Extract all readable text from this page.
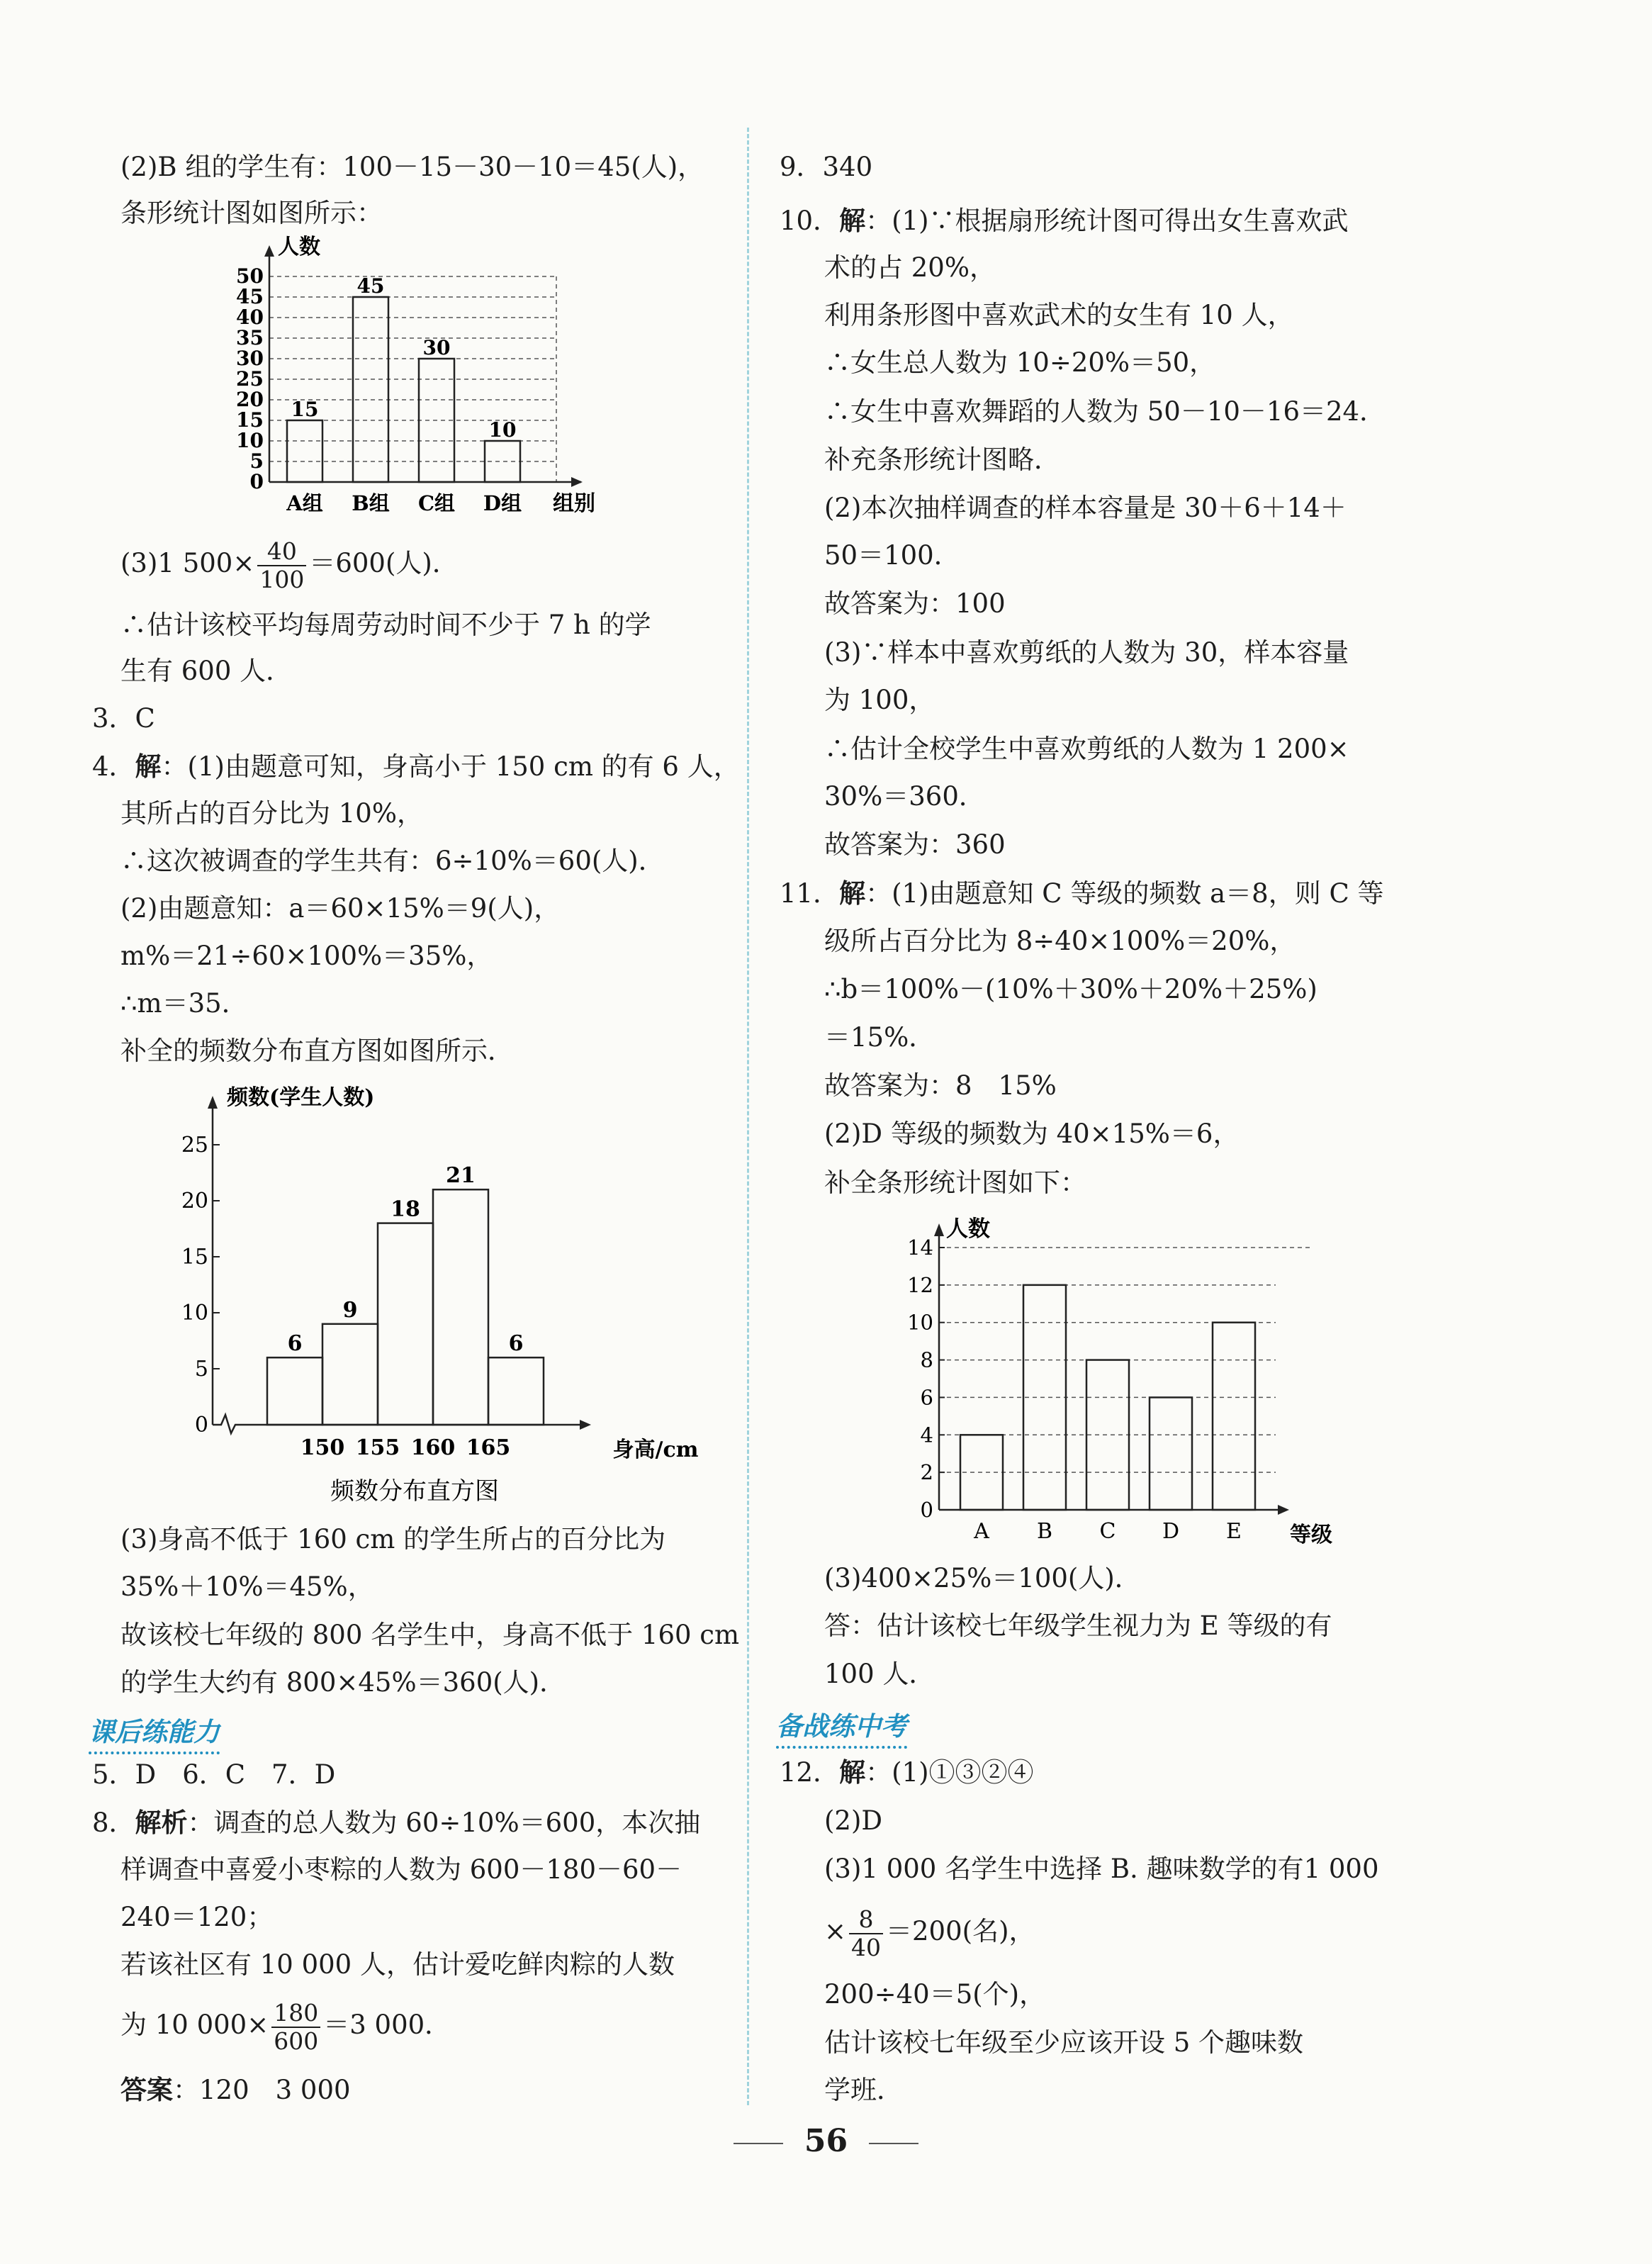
(2)B 组的学生有：100－15－30－10＝45(人)，
条形统计图如图所示：
0
5
10
15
20
25
30
35
40
45
50
人数
组别
15
A组
45
B组
30
C组
10
D组
(3)1 $500\times \frac{40}{100} =600$(人)．
∴估计该校平均每周劳动时间不少于 7 h 的学
生有 600 人．
3．C
4．解：(1)由题意可知，身高小于 150 cm 的有 6 人，
其所占的百分比为 10%，
∴这次被调查的学生共有：6÷10%＝60(人)．
(2)由题意知：a＝60×15%＝9(人)，
m%＝21÷60×100%＝35%，
∴m＝35．
补全的频数分布直方图如图所示．
频数(学生人数)
0
5
10
15
20
25
身高/cm
6
9
18
21
6
150 155 160 165
频数分布直方图
(3)身高不低于 160 cm 的学生所占的百分比为
35%＋10%＝45%，
故该校七年级的 800 名学生中，身高不低于 160 cm
的学生大约有 800×45%＝360(人)．
课后练能力
5．D　6．C　7．D
8．解析：调查的总人数为 60÷10%＝600，本次抽
样调查中喜爱小枣粽的人数为 600－180－60－
240＝120；
若该社区有 10 000 人，估计爱吃鲜肉粽的人数
为 10 $000\times \frac{180}{600} =3$ 000．
答案：120　3 000
9．340
10．解：(1)∵根据扇形统计图可得出女生喜欢武
术的占 20%，
利用条形图中喜欢武术的女生有 10 人，
∴女生总人数为 10÷20%＝50，
∴女生中喜欢舞蹈的人数为 50－10－16＝24．
补充条形统计图略．
(2)本次抽样调查的样本容量是 30＋6＋14＋
50＝100．
故答案为：100
(3)∵样本中喜欢剪纸的人数为 30，样本容量
为 100，
∴估计全校学生中喜欢剪纸的人数为 1 200×
30%＝360．
故答案为：360
11．解：(1)由题意知 C 等级的频数 a＝8，则 C 等
级所占百分比为 8÷40×100%＝20%，
∴b＝100%－(10%＋30%＋20%＋25%)
＝15%．
故答案为：8　15%
(2)D 等级的频数为 40×15%＝6，
补全条形统计图如下：
0
2
4
6
8
10
12
14
人数
等级
A B C D E
(3)400×25%＝100(人)．
答：估计该校七年级学生视力为 E 等级的有
100 人．
备战练中考
12．解：(1)①③②④
(2)D
(3)1 000 名学生中选择 B. 趣味数学的有1 000
× $\frac{8}{40} =200$(名)，
200÷40＝5(个)，
估计该校七年级至少应该开设 5 个趣味数
学班．
56
